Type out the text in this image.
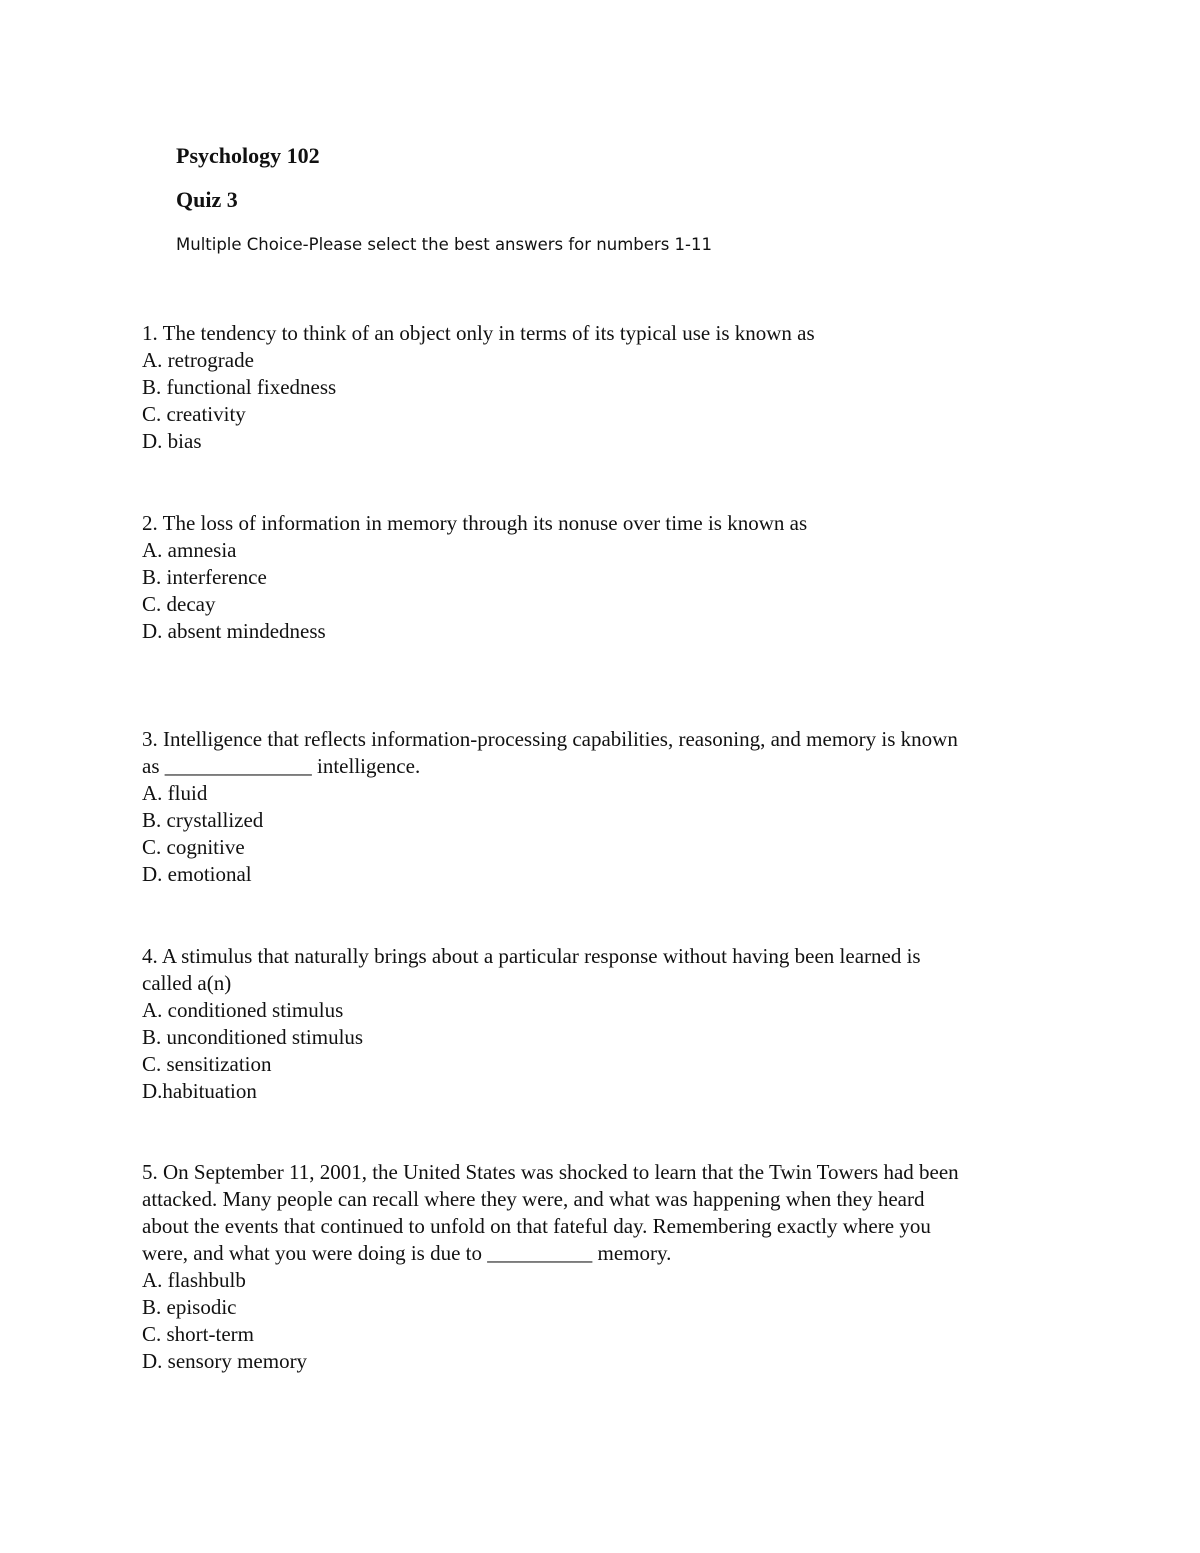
Psychology 102
Quiz 3

Multiple Choice-Please select the best answers for numbers 1-11

1. The tendency to think of an object only in terms of its typical use is known as
A. retrograde
B. functional fixedness
C. creativity
D. bias
2. The loss of information in memory through its nonuse over time is known as
A. amnesia
B. interference
C. decay
D. absent mindedness
3. Intelligence that reflects information-processing capabilities, reasoning, and memory is known
as ______________ intelligence.
A. fluid
B. crystallized
C. cognitive
D. emotional
4. A stimulus that naturally brings about a particular response without having been learned is
called a(n)
A. conditioned stimulus
B. unconditioned stimulus
C. sensitization
D.habituation
5. On September 11, 2001, the United States was shocked to learn that the Twin Towers had been
attacked. Many people can recall where they were, and what was happening when they heard
about the events that continued to unfold on that fateful day. Remembering exactly where you
were, and what you were doing is due to __________ memory.
A. flashbulb
B. episodic
C. short-term
D. sensory memory
